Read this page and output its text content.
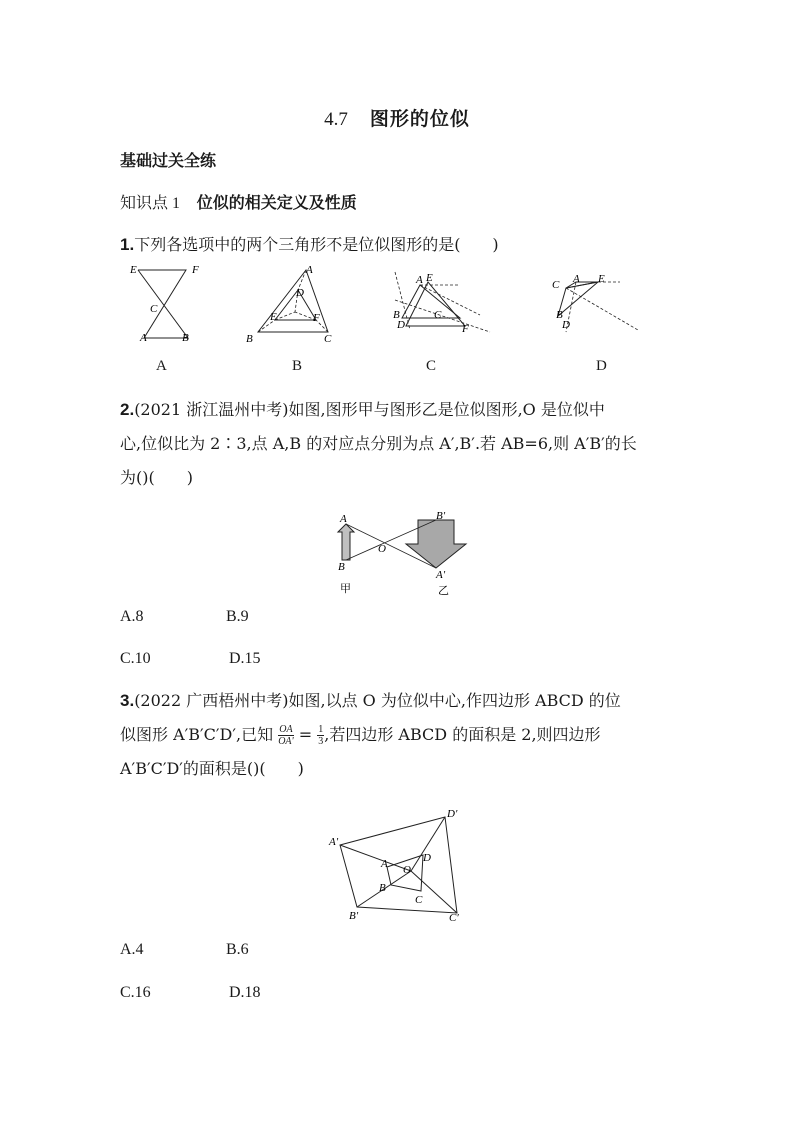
4.7 图形的位似
基础过关全练
知识点 1 位似的相关定义及性质
1.下列各选项中的两个三角形不是位似图形的是(　　)
E	F
C
A	B
A
D
E	F
B	C
A E
B	C
D	F
C A E
B
D
A	B	C	D
2.(2021 浙江温州中考)如图,图形甲与图形乙是位似图形,O 是位似中
心,位似比为 2∶3,点 A,B 的对应点分别为点 A′,B′.若 AB=6,则 A′B′的长
为()(　　)
A
B
O
B′
A′
甲	乙
A.8	B.9
C.10	D.15
3.(2022 广西梧州中考)如图,以点 O 为位似中心,作四边形 ABCD 的位
似图形 A′B′C′D′,已知 $\frac{OA}{OA'} = \frac{1}{3}$ ,若四边形 ABCD 的面积是 2,则四边形
A′B′C′D′的面积是()(　　)
A′
D′
C′
B′
A	D
B
C
O
A.4	B.6
C.16	D.18
